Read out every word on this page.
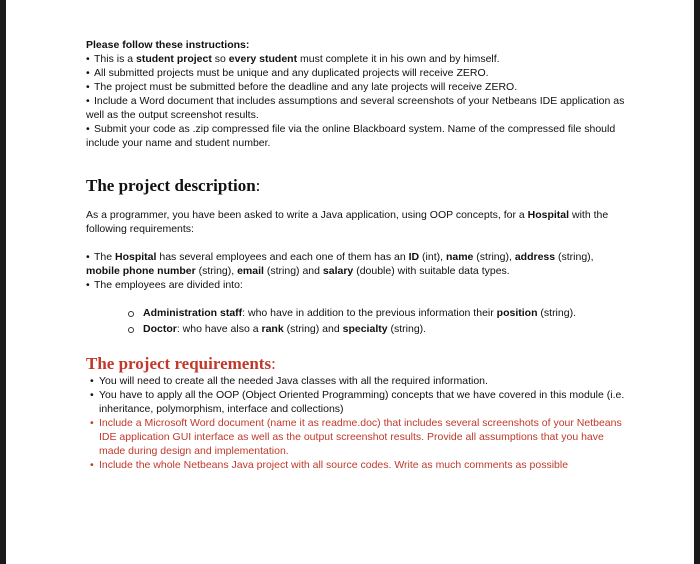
Please follow these instructions:
• This is a student project so every student must complete it in his own and by himself.
• All submitted projects must be unique and any duplicated projects will receive ZERO.
• The project must be submitted before the deadline and any late projects will receive ZERO.
• Include a Word document that includes assumptions and several screenshots of your Netbeans IDE application as well as the output screenshot results.
• Submit your code as .zip compressed file via the online Blackboard system. Name of the compressed file should include your name and student number.
The project description:
As a programmer, you have been asked to write a Java application, using OOP concepts, for a Hospital with the following requirements:
• The Hospital has several employees and each one of them has an ID (int), name (string), address (string), mobile phone number (string), email (string) and salary (double) with suitable data types.
• The employees are divided into:
Administration staff: who have in addition to the previous information their position (string).
Doctor: who have also a rank (string) and specialty (string).
The project requirements:
• You will need to create all the needed Java classes with all the required information.
• You have to apply all the OOP (Object Oriented Programming) concepts that we have covered in this module (i.e. inheritance, polymorphism, interface and collections)
• Include a Microsoft Word document (name it as readme.doc) that includes several screenshots of your Netbeans IDE application GUI interface as well as the output screenshot results. Provide all assumptions that you have made during design and implementation.
• Include the whole Netbeans Java project with all source codes. Write as much comments as possible
